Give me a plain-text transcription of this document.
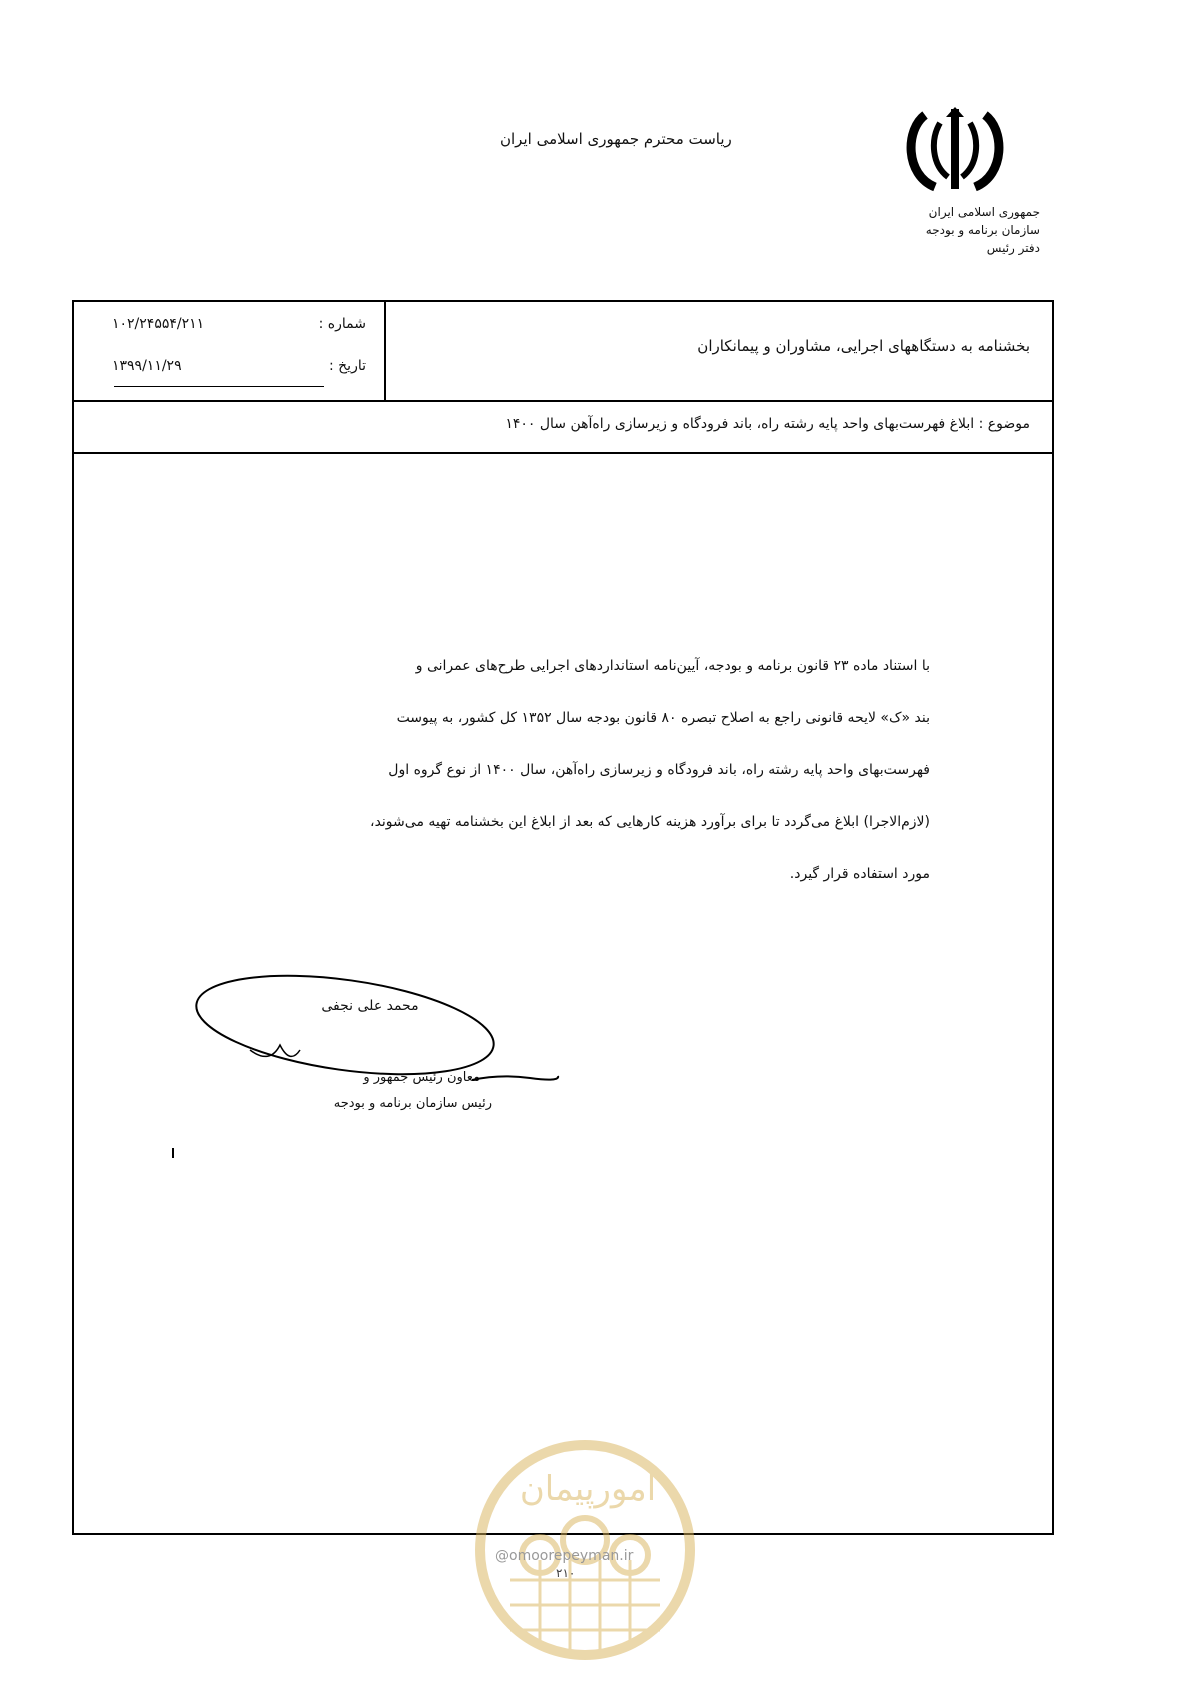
ریاست محترم جمهوری اسلامی ایران
جمهوری اسلامی ایران
سازمان برنامه و بودجه
دفتر رئیس
شماره :
۱۰۲/۲۴۵۵۴/۲۱۱
تاریخ :
۱۳۹۹/۱۱/۲۹
بخشنامه به دستگاههای اجرایی، مشاوران و پیمانکاران
موضوع : ابلاغ فهرست‌بهای واحد پایه رشته راه، باند فرودگاه و زیرسازی راه‌آهن سال ۱۴۰۰

با استناد ماده ۲۳ قانون برنامه و بودجه، آیین‌نامه استانداردهای اجرایی طرح‌های عمرانی و

بند «ک» لایحه قانونی راجع به اصلاح تبصره ۸۰ قانون بودجه سال ۱۳۵۲ کل کشور، به پیوست

فهرست‌بهای واحد پایه رشته راه، باند فرودگاه و زیرسازی راه‌آهن، سال ۱۴۰۰ از نوع گروه اول

(لازم‌الاجرا) ابلاغ می‌گردد تا برای برآورد هزینه کارهایی که بعد از ابلاغ این بخشنامه تهیه می‌شوند،

مورد استفاده قرار گیرد.

محمد علی نجفی
معاون رئیس جمهور و
رئیس سازمان برنامه و بودجه
امورپیمان
@omoorepeyman.ir
۲۱۰
